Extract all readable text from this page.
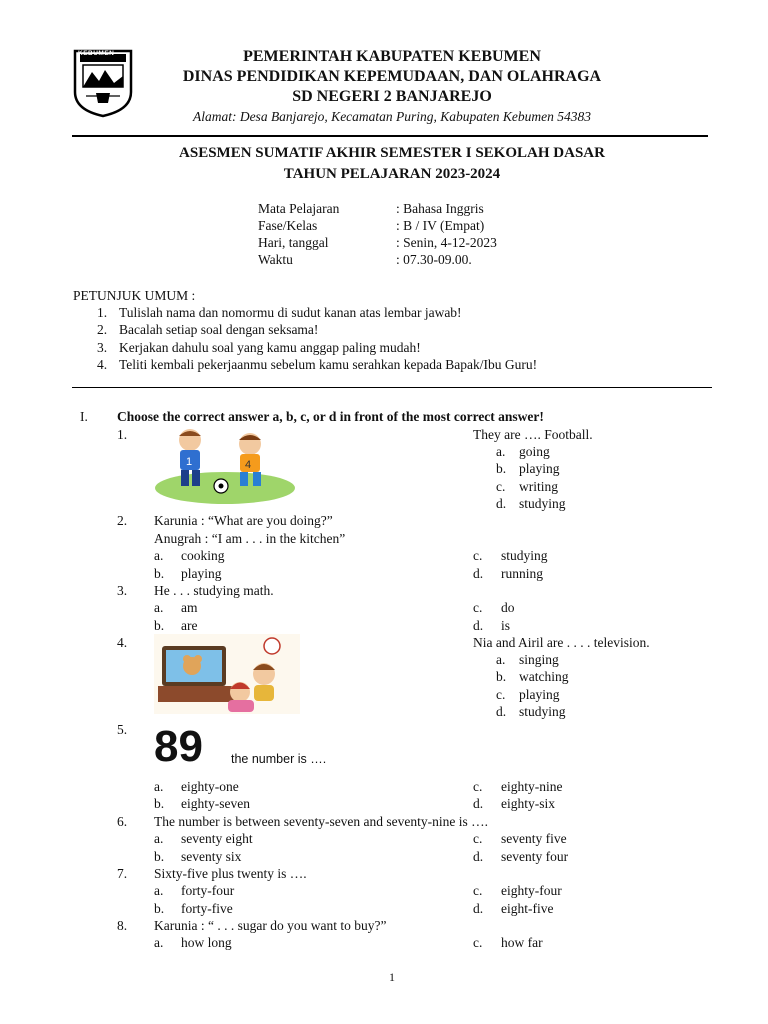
KEBUMEN	PEMERINTAH KABUPATEN KEBUMEN
DINAS PENDIDIKAN KEPEMUDAAN, DAN OLAHRAGA
SD NEGERI 2 BANJAREJO
Alamat: Desa Banjarejo, Kecamatan Puring, Kabupaten Kebumen 54383
ASESMEN SUMATIF AKHIR SEMESTER I SEKOLAH DASAR
TAHUN PELAJARAN 2023-2024
Mata Pelajaran	: Bahasa Inggris
Fase/Kelas	: B / IV (Empat)
Hari, tanggal	: Senin, 4-12-2023
Waktu	: 07.30-09.00.
PETUNJUK UMUM :
1. Tulislah nama dan nomormu di sudut kanan atas lembar jawab!
2. Bacalah setiap soal dengan seksama!
3. Kerjakan dahulu soal yang kamu anggap paling mudah!
4. Teliti kembali pekerjaanmu sebelum kamu serahkan kepada Bapak/Ibu Guru!
I. Choose the correct answer a, b, c, or d in front of the most correct answer!
1.
1	4
They are …. Football.
a. going
b. playing
c. writing
d. studying
2. Karunia : “What are you doing?”
Anugrah : “I am . . . in the kitchen”
a. cooking
b. playing
c. studying
d. running
3. He . . . studying math.
a. am
b. are
c. do
d. is
4.	Nia and Airil are . . . . television.
a. singing
b. watching
c. playing
d. studying
5. 89 the number is ….
a. eighty-one
b. eighty-seven
c. eighty-nine
d. eighty-six
6. The number is between seventy-seven and seventy-nine is ….
a. seventy eight
b. seventy six
c. seventy five
d. seventy four
7. Sixty-five plus twenty is ….
a. forty-four
b. forty-five
c. eighty-four
d. eight-five
8. Karunia : “ . . . sugar do you want to buy?”
a. how long	c. how far
1
